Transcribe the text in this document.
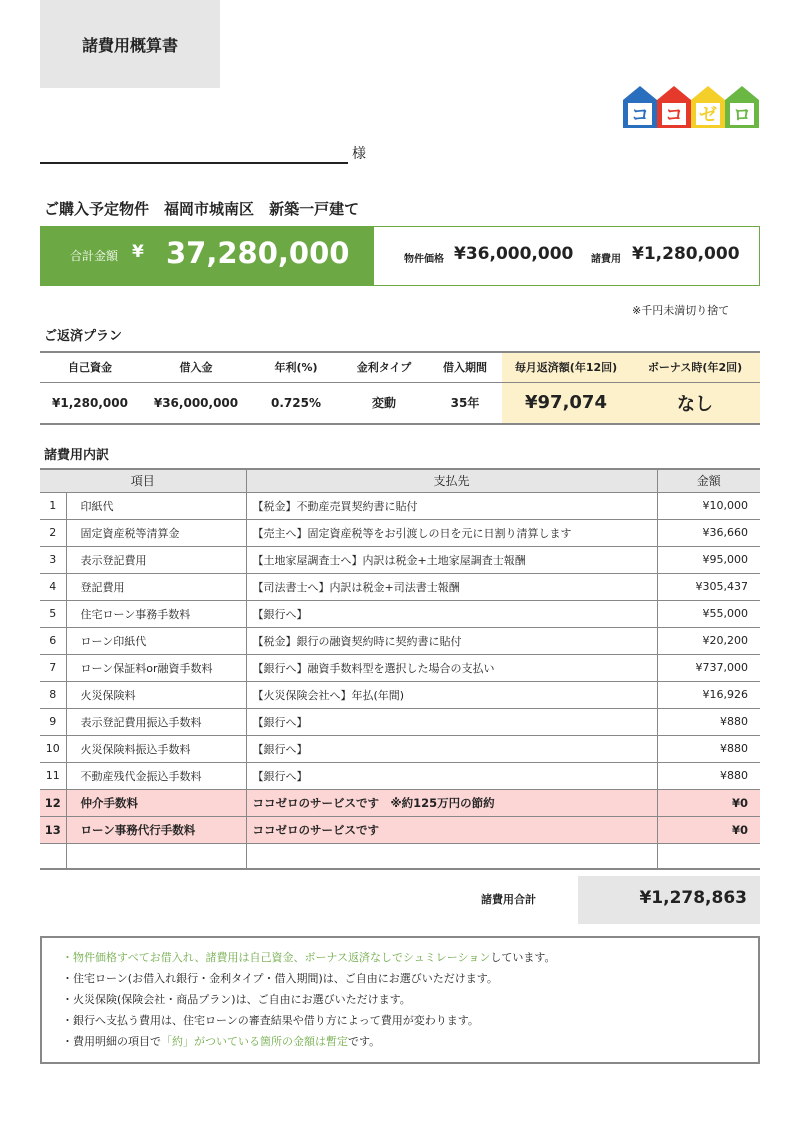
諸費用概算書
コ コ ゼ ロ
様
ご購入予定物件　 福岡市城南区　 新築一戸建て
合計金額 ¥ 37,280,000	物件価格 ¥36,000,000 諸費用 ¥1,280,000
※千円未満切り捨て
ご返済プラン
自己資金	借入金	年利(%)	金利タイプ	借入期間	毎月返済額(年12回)	ボーナス時(年2回)
¥1,280,000	¥36,000,000	0.725%	変動	35年	¥97,074	なし
諸費用内訳
項目		支払先	金額
1	印紙代	【税金】不動産売買契約書に貼付	¥10,000
2	固定資産税等清算金	【売主へ】固定資産税等をお引渡しの日を元に日割り清算します	¥36,660
3	表示登記費用	【土地家屋調査士へ】内訳は税金+土地家屋調査士報酬	¥95,000
4	登記費用	【司法書士へ】内訳は税金+司法書士報酬	¥305,437
5	住宅ローン事務手数料	【銀行へ】	¥55,000
6	ローン印紙代	【税金】銀行の融資契約時に契約書に貼付	¥20,200
7	ローン保証料or融資手数料	【銀行へ】融資手数料型を選択した場合の支払い	¥737,000
8	火災保険料	【火災保険会社へ】年払(年間)	¥16,926
9	表示登記費用振込手数料	【銀行へ】	¥880
10	火災保険料振込手数料	【銀行へ】	¥880
11	不動産残代金振込手数料	【銀行へ】	¥880
12	仲介手数料	ココゼロのサービスです　※約125万円の節約	¥0
13	ローン事務代行手数料	ココゼロのサービスです	¥0

諸費用合計	¥1,278,863
・物件価格すべてお借入れ、諸費用は自己資金、ボーナス返済なしでシュミレーションしています。
・住宅ローン(お借入れ銀行・金利タイプ・借入期間)は、ご自由にお選びいただけます。
・火災保険(保険会社・商品プラン)は、ご自由にお選びいただけます。
・銀行へ支払う費用は、住宅ローンの審査結果や借り方によって費用が変わります。
・費用明細の項目で「約」がついている箇所の金額は暫定です。
